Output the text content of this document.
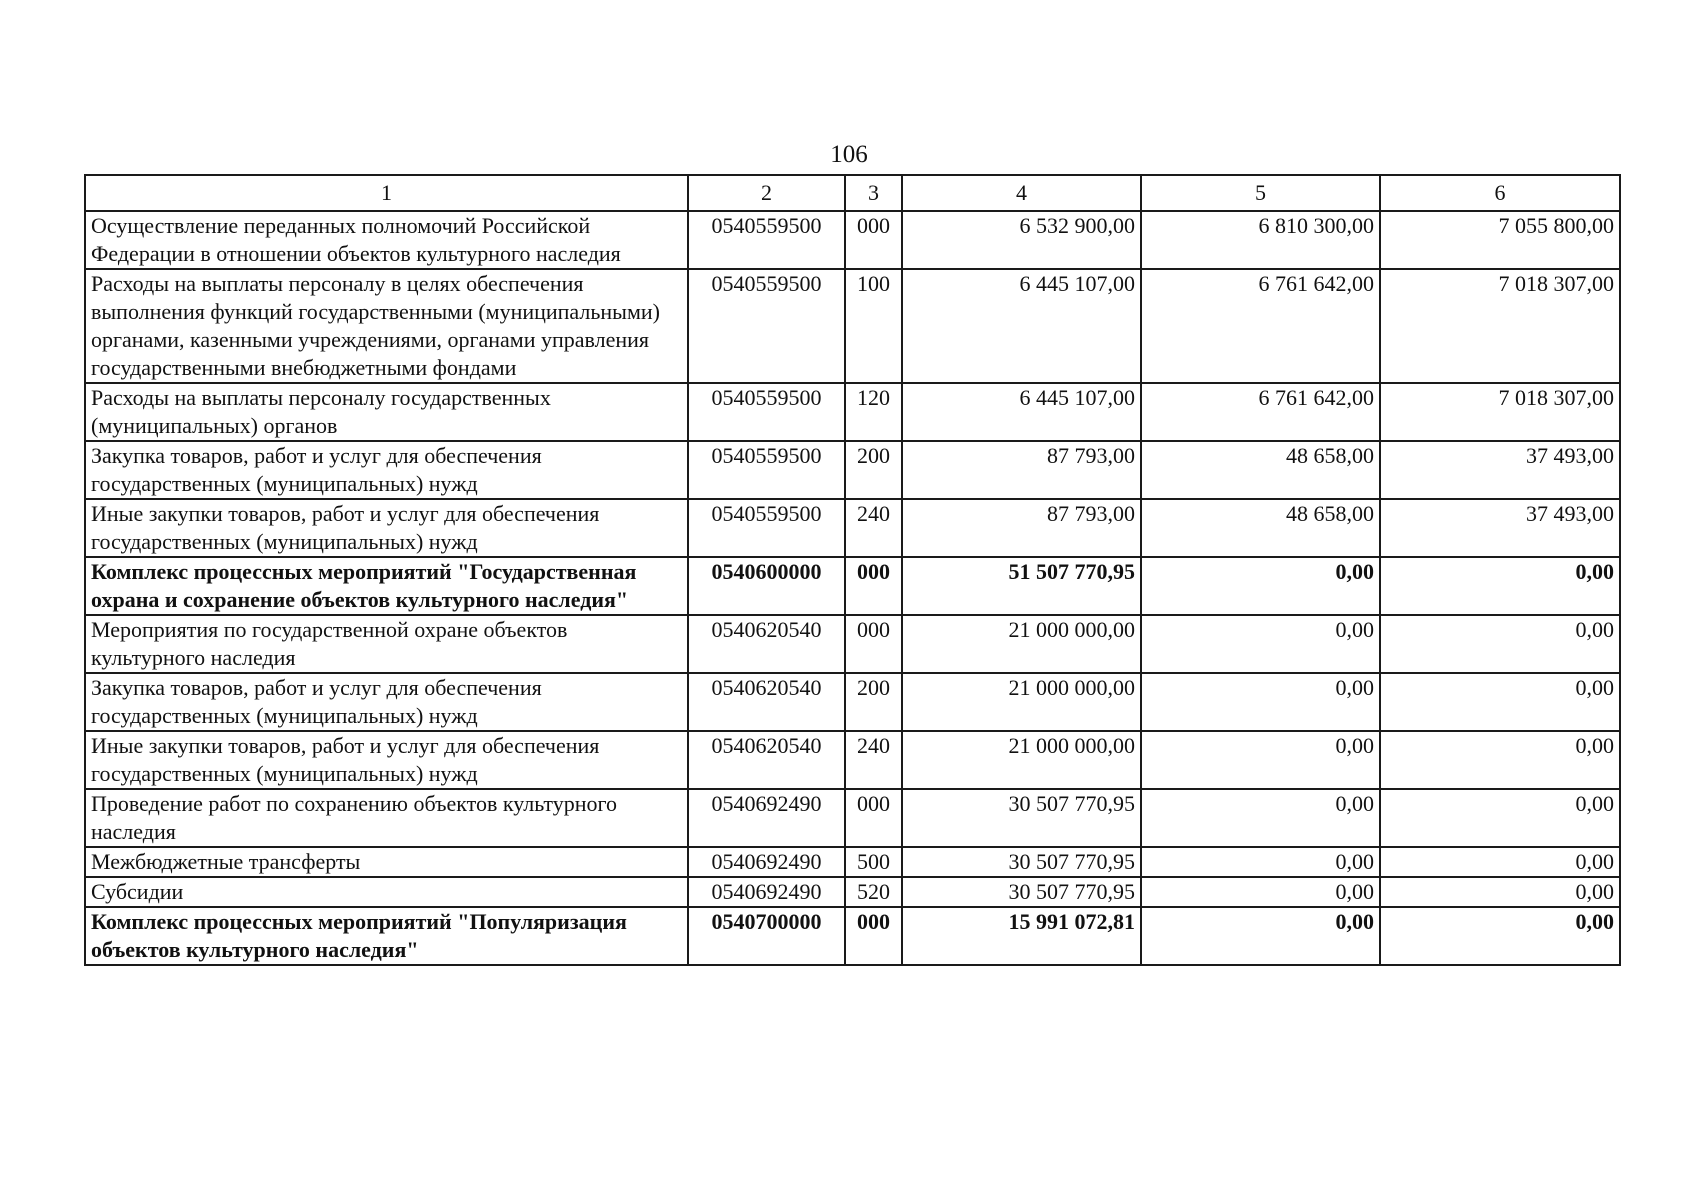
106
1	2	3	4	5	6
Осуществление переданных полномочий Российской Федерации в отношении объектов культурного наследия	0540559500	000	6 532 900,00	6 810 300,00	7 055 800,00
Расходы на выплаты персоналу в целях обеспечения выполнения функций государственными (муниципальными) органами, казенными учреждениями, органами управления государственными внебюджетными фондами	0540559500	100	6 445 107,00	6 761 642,00	7 018 307,00
Расходы на выплаты персоналу государственных (муниципальных) органов	0540559500	120	6 445 107,00	6 761 642,00	7 018 307,00
Закупка товаров, работ и услуг для обеспечения государственных (муниципальных) нужд	0540559500	200	87 793,00	48 658,00	37 493,00
Иные закупки товаров, работ и услуг для обеспечения государственных (муниципальных) нужд	0540559500	240	87 793,00	48 658,00	37 493,00
Комплекс процессных мероприятий "Государственная охрана и сохранение объектов культурного наследия"	0540600000	000	51 507 770,95	0,00	0,00
Мероприятия по государственной охране объектов культурного наследия	0540620540	000	21 000 000,00	0,00	0,00
Закупка товаров, работ и услуг для обеспечения государственных (муниципальных) нужд	0540620540	200	21 000 000,00	0,00	0,00
Иные закупки товаров, работ и услуг для обеспечения государственных (муниципальных) нужд	0540620540	240	21 000 000,00	0,00	0,00
Проведение работ по сохранению объектов культурного наследия	0540692490	000	30 507 770,95	0,00	0,00
Межбюджетные трансферты	0540692490	500	30 507 770,95	0,00	0,00
Субсидии	0540692490	520	30 507 770,95	0,00	0,00
Комплекс процессных мероприятий "Популяризация объектов культурного наследия"	0540700000	000	15 991 072,81	0,00	0,00
